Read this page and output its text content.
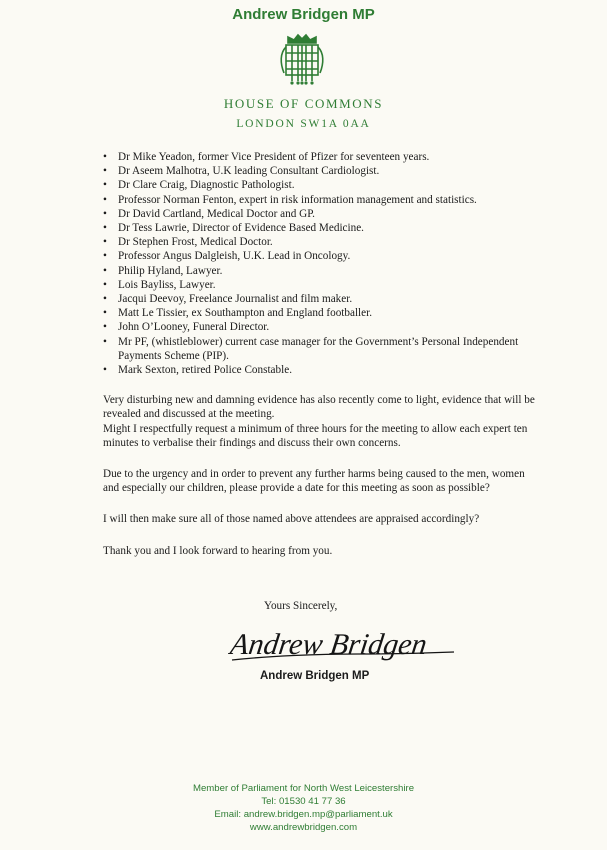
Andrew Bridgen MP
HOUSE OF COMMONS
LONDON SW1A 0AA
• Dr Mike Yeadon, former Vice President of Pfizer for seventeen years.
• Dr Aseem Malhotra, U.K leading Consultant Cardiologist.
• Dr Clare Craig, Diagnostic Pathologist.
• Professor Norman Fenton, expert in risk information management and statistics.
• Dr David Cartland, Medical Doctor and GP.
• Dr Tess Lawrie, Director of Evidence Based Medicine.
• Dr Stephen Frost, Medical Doctor.
• Professor Angus Dalgleish, U.K. Lead in Oncology.
• Philip Hyland, Lawyer.
• Lois Bayliss, Lawyer.
• Jacqui Deevoy, Freelance Journalist and film maker.
• Matt Le Tissier, ex Southampton and England footballer.
• John O’Looney, Funeral Director.
• Mr PF, (whistleblower) current case manager for the Government’s Personal Independent Payments Scheme (PIP).
• Mark Sexton, retired Police Constable.

Very disturbing new and damning evidence has also recently come to light, evidence that will be revealed and discussed at the meeting.

Might I respectfully request a minimum of three hours for the meeting to allow each expert ten minutes to verbalise their findings and discuss their own concerns.

Due to the urgency and in order to prevent any further harms being caused to the men, women and especially our children, please provide a date for this meeting as soon as possible?

I will then make sure all of those named above attendees are appraised accordingly?

Thank you and I look forward to hearing from you.

Yours Sincerely,
Andrew Bridgen
Andrew Bridgen MP
Member of Parliament for North West Leicestershire
Tel: 01530 41 77 36
Email: andrew.bridgen.mp@parliament.uk
www.andrewbridgen.com
